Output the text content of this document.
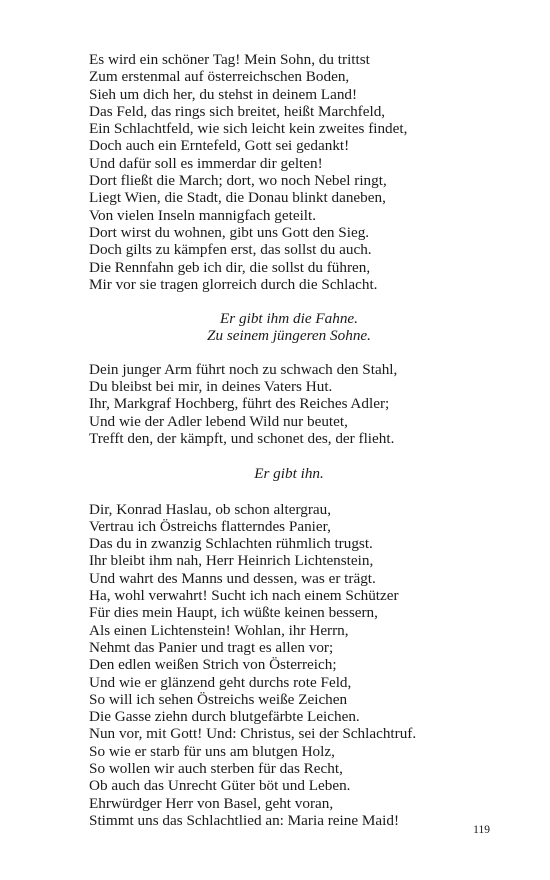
Es wird ein schöner Tag! Mein Sohn, du trittst
Zum erstenmal auf österreichschen Boden,
Sieh um dich her, du stehst in deinem Land!
Das Feld, das rings sich breitet, heißt Marchfeld,
Ein Schlachtfeld, wie sich leicht kein zweites findet,
Doch auch ein Erntefeld, Gott sei gedankt!
Und dafür soll es immerdar dir gelten!
Dort fließt die March; dort, wo noch Nebel ringt,
Liegt Wien, die Stadt, die Donau blinkt daneben,
Von vielen Inseln mannigfach geteilt.
Dort wirst du wohnen, gibt uns Gott den Sieg.
Doch gilts zu kämpfen erst, das sollst du auch.
Die Rennfahn geb ich dir, die sollst du führen,
Mir vor sie tragen glorreich durch die Schlacht.
Er gibt ihm die Fahne.
Zu seinem jüngeren Sohne.
Dein junger Arm führt noch zu schwach den Stahl,
Du bleibst bei mir, in deines Vaters Hut.
Ihr, Markgraf Hochberg, führt des Reiches Adler;
Und wie der Adler lebend Wild nur beutet,
Trefft den, der kämpft, und schonet des, der flieht.
Er gibt ihn.
Dir, Konrad Haslau, ob schon altergrau,
Vertrau ich Östreichs flatterndes Panier,
Das du in zwanzig Schlachten rühmlich trugst.
Ihr bleibt ihm nah, Herr Heinrich Lichtenstein,
Und wahrt des Manns und dessen, was er trägt.
Ha, wohl verwahrt! Sucht ich nach einem Schützer
Für dies mein Haupt, ich wüßte keinen bessern,
Als einen Lichtenstein! Wohlan, ihr Herrn,
Nehmt das Panier und tragt es allen vor;
Den edlen weißen Strich von Österreich;
Und wie er glänzend geht durchs rote Feld,
So will ich sehen Östreichs weiße Zeichen
Die Gasse ziehn durch blutgefärbte Leichen.
Nun vor, mit Gott! Und: Christus, sei der Schlachtruf.
So wie er starb für uns am blutgen Holz,
So wollen wir auch sterben für das Recht,
Ob auch das Unrecht Güter böt und Leben.
Ehrwürdger Herr von Basel, geht voran,
Stimmt uns das Schlachtlied an: Maria reine Maid!
119
